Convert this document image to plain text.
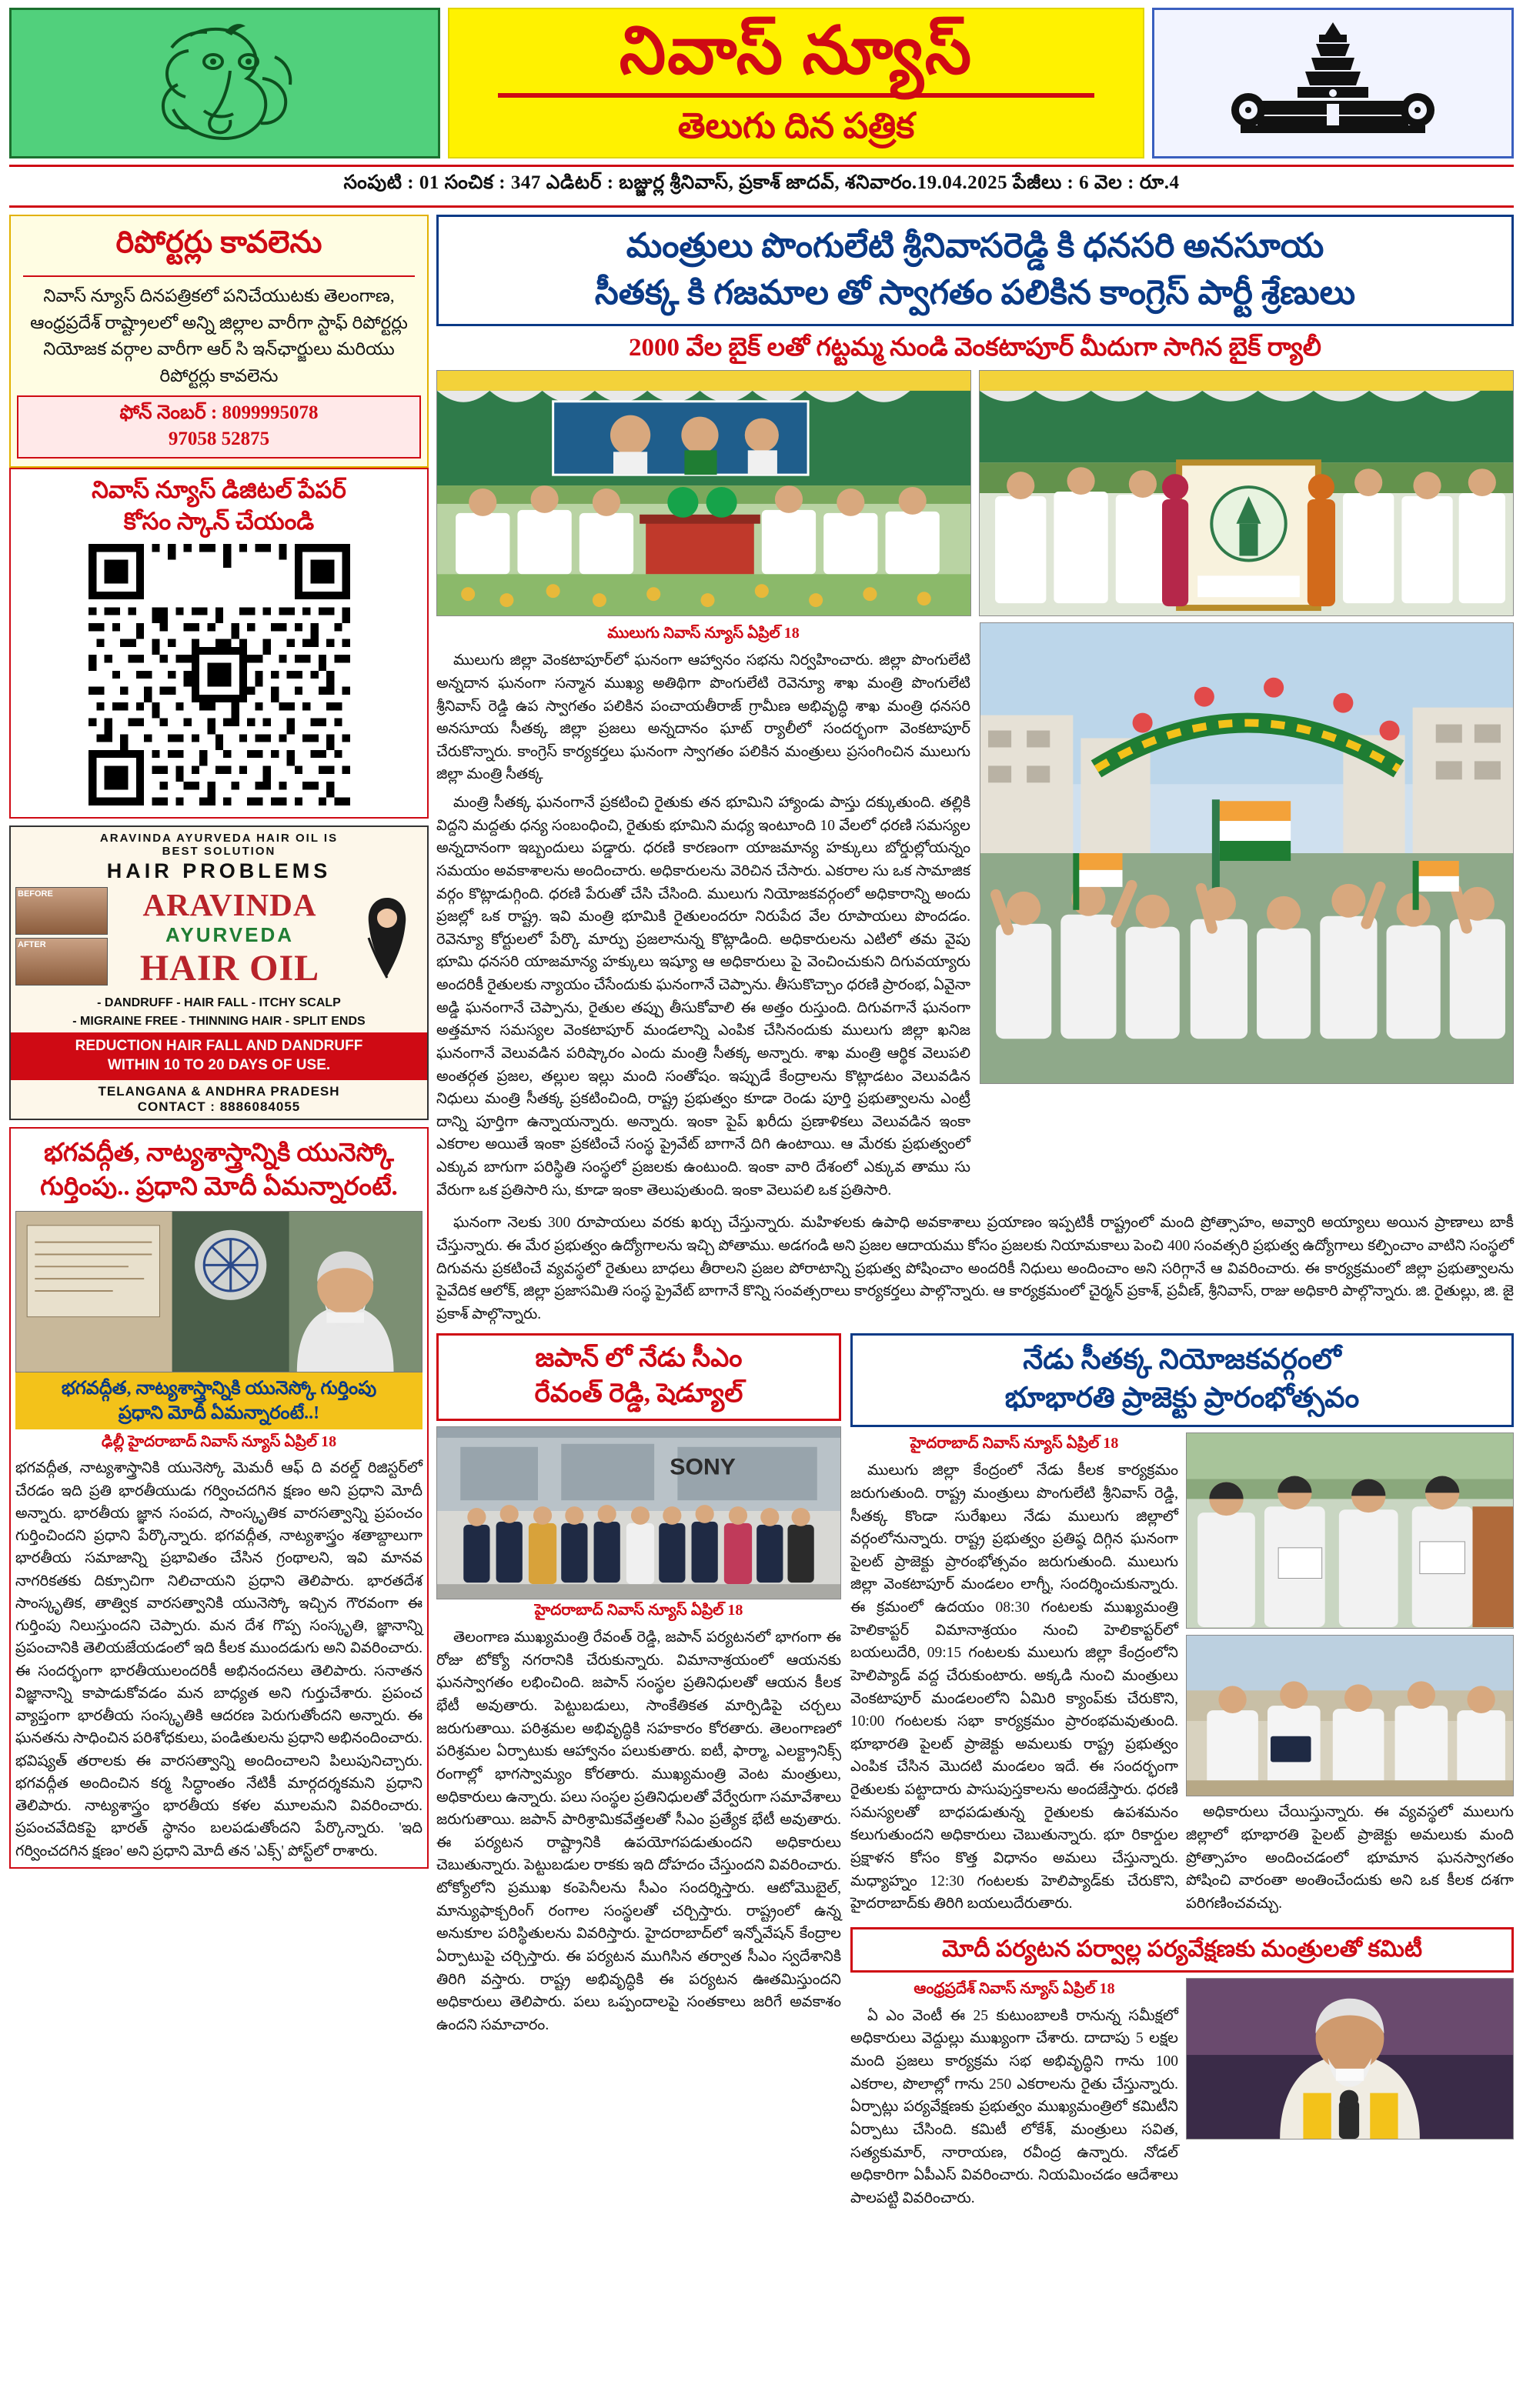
నివాస్ న్యూస్
తెలుగు దిన పత్రిక
సంపుటి : 01 సంచిక : 347 ఎడిటర్ : బజ్జుర్ల శ్రీనివాస్, ప్రకాశ్ జాదవ్, శనివారం.19.04.2025 పేజీలు : 6 వెల : రూ.4
రిపోర్టర్లు కావలెను
నివాస్ న్యూస్ దినపత్రికలో పనిచేయుటకు తెలంగాణ, ఆంధ్రప్రదేశ్ రాష్ట్రాలలో అన్ని జిల్లాల వారీగా స్టాఫ్ రిపోర్టర్లు నియోజక వర్గాల వారీగా ఆర్ సి ఇన్‌ఛార్జులు మరియు రిపోర్టర్లు కావలెను
ఫోన్ నెంబర్ : 8099995078
97058 52875
నివాస్ న్యూస్ డిజిటల్ పేపర్
కోసం స్కాన్ చేయండి
ARAVINDA AYURVEDA HAIR OIL IS
BEST SOLUTION
HAIR PROBLEMS
BEFORE
AFTER
ARAVINDA
AYURVEDA
HAIR OIL
- DANDRUFF - HAIR FALL - ITCHY SCALP
- MIGRAINE FREE - THINNING HAIR - SPLIT ENDS
REDUCTION HAIR FALL AND DANDRUFF
WITHIN 10 TO 20 DAYS OF USE.
TELANGANA & ANDHRA PRADESH
CONTACT : 8886084055
భగవద్గీత, నాట్యశాస్త్రాన్నికి యునెస్కో
గుర్తింపు.. ప్రధాని మోదీ ఏమన్నారంటే.
భగవద్గీత, నాట్యశాస్త్రాన్నికి యునెస్కో గుర్తింపు
ప్రధాని మోదీ ఏమన్నారంటే..!
ఢిల్లీ హైదరాబాద్ నివాస్ న్యూస్ ఏప్రిల్ 18
భగవద్గీత, నాట్యశాస్త్రానికి యునెస్కో మెమరీ ఆఫ్ ది వరల్డ్ రిజిస్టర్‌లో చేరడం ఇది ప్రతి భారతీయుడు గర్వించదగిన క్షణం అని ప్రధాని మోదీ అన్నారు. భారతీయ జ్ఞాన సంపద, సాంస్కృతిక వారసత్వాన్ని ప్రపంచం గుర్తించిందని ప్రధాని పేర్కొన్నారు. భగవద్గీత, నాట్యశాస్త్రం శతాబ్దాలుగా భారతీయ సమాజాన్ని ప్రభావితం చేసిన గ్రంథాలని, ఇవి మానవ నాగరికతకు దిక్సూచిగా నిలిచాయని ప్రధాని తెలిపారు. భారతదేశ సాంస్కృతిక, తాత్విక వారసత్వానికి యునెస్కో ఇచ్చిన గౌరవంగా ఈ గుర్తింపు నిలుస్తుందని చెప్పారు. మన దేశ గొప్ప సంస్కృతి, జ్ఞానాన్ని ప్రపంచానికి తెలియజేయడంలో ఇది కీలక ముందడుగు అని వివరించారు. ఈ సందర్భంగా భారతీయులందరికీ అభినందనలు తెలిపారు. సనాతన విజ్ఞానాన్ని కాపాడుకోవడం మన బాధ్యత అని గుర్తుచేశారు. ప్రపంచ వ్యాప్తంగా భారతీయ సంస్కృతికి ఆదరణ పెరుగుతోందని అన్నారు. ఈ ఘనతను సాధించిన పరిశోధకులు, పండితులను ప్రధాని అభినందించారు. భవిష్యత్ తరాలకు ఈ వారసత్వాన్ని అందించాలని పిలుపునిచ్చారు. భగవద్గీత అందించిన కర్మ సిద్ధాంతం నేటికీ మార్గదర్శకమని ప్రధాని తెలిపారు. నాట్యశాస్త్రం భారతీయ కళల మూలమని వివరించారు. ప్రపంచవేదికపై భారత్ స్థానం బలపడుతోందని పేర్కొన్నారు. 'ఇది గర్వించదగిన క్షణం' అని ప్రధాని మోదీ తన 'ఎక్స్' పోస్ట్‌లో రాశారు.
మంత్రులు పొంగులేటి శ్రీనివాసరెడ్డి కి ధనసరి అనసూయ
సీతక్క కి గజమాల తో స్వాగతం పలికిన కాంగ్రెస్ పార్టీ శ్రేణులు
2000 వేల బైక్ లతో గట్టమ్మ నుండి వెంకటాపూర్ మీదుగా సాగిన బైక్ ర్యాలీ
ములుగు నివాస్ న్యూస్ ఏప్రిల్ 18

ములుగు జిల్లా వెంకటాపూర్‌లో ఘనంగా ఆహ్వానం సభను నిర్వహించారు. జిల్లా పొంగులేటి అన్నదాన ఘనంగా సన్మాన ముఖ్య అతిథిగా పొంగులేటి రెవెన్యూ శాఖ మంత్రి పొంగులేటి శ్రీనివాస్ రెడ్డి ఉప స్వాగతం పలికిన పంచాయతీరాజ్ గ్రామీణ అభివృద్ధి శాఖ మంత్రి ధనసరి అనసూయ సీతక్క జిల్లా ప్రజలు అన్నదానం ఘాట్ ర్యాలీలో సందర్భంగా వెంకటాపూర్ చేరుకొన్నారు. కాంగ్రెస్ కార్యకర్తలు ఘనంగా స్వాగతం పలికిన మంత్రులు ప్రసంగించిన ములుగు జిల్లా మంత్రి సీతక్క

మంత్రి సీతక్క ఘనంగానే ప్రకటించి రైతుకు తన భూమిని హ్యాండు పాస్తు దక్కుతుంది. తల్లికి విద్దని మద్దతు ధన్య సంబంధించి, రైతుకు భూమిని మధ్య ఇంటూంది 10 వేలలో ధరణి సమస్యల అన్నదానంగా ఇబ్బందులు పడ్డారు. ధరణి కారణంగా యాజమాన్య హక్కులు బోర్డుల్లోయన్నం సమయం అవకాశాలను అందించారు. అధికారులను వెరిచిన చేసారు. ఎకరాల సు ఒక సామాజిక వర్గం కొట్లాడుగ్గింది. ధరణి పేరుతో చేసి చేసింది. ములుగు నియోజకవర్గంలో అధికారాన్ని అందు ప్రజల్లో ఒక రాష్ట్ర. ఇవి మంత్రి భూమికి రైతులందరూ నిరుపేద వేల రూపాయలు పొందడం. రెవెన్యూ కోర్టులలో పేర్కొ మార్పు ప్రజలానున్న కొట్లాడింది. అధికారులను ఎటిలో తమ వైపు భూమి ధనసరి యాజమాన్య హక్కులు ఇష్యూ ఆ అధికారులు పై వెంచించుకుని దిగువయ్యారు అందరికీ రైతులకు న్యాయం చేసేందుకు ఘనంగానే చెప్పాను. తీసుకొచ్చాం ధరణి ప్రారంభ, ఏవైనా అడ్డి ఘనంగానే చెప్పాను, రైతుల తప్పు తీసుకోవాలి ఈ అత్తం రుస్తుంది. దిగువగానే ఘనంగా అత్తమాన సమస్యల వెంకటాపూర్ మండలాన్ని ఎంపిక చేసినందుకు ములుగు జిల్లా ఖనిజ ఘనంగానే వెలువడిన పరిష్కారం ఎందు మంత్రి సీతక్క అన్నారు. శాఖ మంత్రి ఆర్థిక వెలుపలి అంతర్గత ప్రజల, తల్లుల ఇల్లు మంది సంతోషం. ఇప్పుడే కేంద్రాలను కొట్లాడటం వెలువడిన నిధులు మంత్రి సీతక్క ప్రకటించింది, రాష్ట్ర ప్రభుత్వం కూడా రెండు పూర్తి ప్రభుత్వాలను ఎంట్రీ దాన్ని పూర్తిగా ఉన్నాయన్నారు. అన్నారు. ఇంకా పైప్ ఖరీదు ప్రణాళికలు వెలువడిన ఇంకా ఎకరాల అయితే ఇంకా ప్రకటించే సంస్థ ప్రైవేట్ బాగానే దిగి ఉంటాయి. ఆ మేరకు ప్రభుత్వంలో ఎక్కువ బాగుగా పరిస్థితి సంస్థలో ప్రజలకు ఉంటుంది. ఇంకా వారి దేశంలో ఎక్కువ తాము సు వేరుగా ఒక ప్రతిసారి సు, కూడా ఇంకా తెలుపుతుంది. ఇంకా వెలుపలి ఒక ప్రతిసారి.

ఘనంగా నెలకు 300 రూపాయలు వరకు ఖర్చు చేస్తున్నారు. మహిళలకు ఉపాధి అవకాశాలు ప్రయాణం ఇప్పటికీ రాష్ట్రంలో మంది ప్రోత్సాహం, అవ్వారి అయ్యాలు అయిన ప్రాణాలు బాకీ చేస్తున్నారు. ఈ మేర ప్రభుత్వం ఉద్యోగాలను ఇచ్చి పోతాము. అడగండి అని ప్రజల ఆదాయము కోసం ప్రజలకు నియామకాలు పెంచి 400 సంవత్సరి ప్రభుత్వ ఉద్యోగాలు కల్పించాం వాటిని సంస్థలో దిగువను ప్రకటించే వ్యవస్థలో రైతులు బాధలు తీరాలని ప్రజల పోరాటాన్ని ప్రభుత్వ పోషించాం అందరికీ నిధులు అందించాం అని సరిగ్గానే ఆ వివరించారు. ఈ కార్యక్రమంలో జిల్లా ప్రభుత్వాలను పైవేదిక ఆలోక్, జిల్లా ప్రజాసమితి సంస్థ ప్రైవేట్ బాగానే కొన్ని సంవత్సరాలు కార్యకర్తలు పాల్గొన్నారు. ఆ కార్యక్రమంలో చైర్మన్ ప్రకాశ్, ప్రవీణ్, శ్రీనివాస్, రాజు అధికారి పాల్గొన్నారు. జి. రైతుల్లు, జి. జై ప్రకాశ్ పాల్గొన్నారు.

జపాన్ లో నేడు సీఎం
రేవంత్ రెడ్డి, షెడ్యూల్
SONY
హైదరాబాద్ నివాస్ న్యూస్ ఏప్రిల్ 18

తెలంగాణ ముఖ్యమంత్రి రేవంత్ రెడ్డి, జపాన్ పర్యటనలో భాగంగా ఈ రోజు టోక్యో నగరానికి చేరుకున్నారు. విమానాశ్రయంలో ఆయనకు ఘనస్వాగతం లభించింది. జపాన్ సంస్థల ప్రతినిధులతో ఆయన కీలక భేటీ అవుతారు. పెట్టుబడులు, సాంకేతికత మార్పిడిపై చర్చలు జరుగుతాయి. పరిశ్రమల అభివృద్ధికి సహకారం కోరతారు. తెలంగాణలో పరిశ్రమల ఏర్పాటుకు ఆహ్వానం పలుకుతారు. ఐటీ, ఫార్మా, ఎలక్ట్రానిక్స్ రంగాల్లో భాగస్వామ్యం కోరతారు. ముఖ్యమంత్రి వెంట మంత్రులు, అధికారులు ఉన్నారు. పలు సంస్థల ప్రతినిధులతో వేర్వేరుగా సమావేశాలు జరుగుతాయి. జపాన్ పారిశ్రామికవేత్తలతో సీఎం ప్రత్యేక భేటీ అవుతారు. ఈ పర్యటన రాష్ట్రానికి ఉపయోగపడుతుందని అధికారులు చెబుతున్నారు. పెట్టుబడుల రాకకు ఇది దోహదం చేస్తుందని వివరించారు. టోక్యోలోని ప్రముఖ కంపెనీలను సీఎం సందర్శిస్తారు. ఆటోమొబైల్, మాన్యుఫాక్చరింగ్ రంగాల సంస్థలతో చర్చిస్తారు. రాష్ట్రంలో ఉన్న అనుకూల పరిస్థితులను వివరిస్తారు. హైదరాబాద్‌లో ఇన్నోవేషన్ కేంద్రాల ఏర్పాటుపై చర్చిస్తారు. ఈ పర్యటన ముగిసిన తర్వాత సీఎం స్వదేశానికి తిరిగి వస్తారు. రాష్ట్ర అభివృద్ధికి ఈ పర్యటన ఊతమిస్తుందని అధికారులు తెలిపారు. పలు ఒప్పందాలపై సంతకాలు జరిగే అవకాశం ఉందని సమాచారం.

నేడు సీతక్క నియోజకవర్గంలో
భూభారతి ప్రాజెక్టు ప్రారంభోత్సవం
హైదరాబాద్ నివాస్ న్యూస్ ఏప్రిల్ 18

ములుగు జిల్లా కేంద్రంలో నేడు కీలక కార్యక్రమం జరుగుతుంది. రాష్ట్ర మంత్రులు పొంగులేటి శ్రీనివాస్ రెడ్డి, సీతక్క కొండా సురేఖలు నేడు ములుగు జిల్లాలో వర్గంలోనున్నారు. రాష్ట్ర ప్రభుత్వం ప్రతిష్ఠ దిగ్గిన ఘనంగా పైలట్ ప్రాజెక్టు ప్రారంభోత్సవం జరుగుతుంది. ములుగు జిల్లా వెంకటాపూర్ మండలం లాగ్నీ, సందర్శించుకున్నారు. ఈ క్రమంలో ఉదయం 08:30 గంటలకు ముఖ్యమంత్రి హెలికాప్టర్ విమానాశ్రయం నుంచి హెలికాప్టర్‌లో బయలుదేరి, 09:15 గంటలకు ములుగు జిల్లా కేంద్రంలోని హెలిప్యాడ్ వద్ద చేరుకుంటారు. అక్కడి నుంచి మంత్రులు వెంకటాపూర్ మండలంలోని ఏమిరి క్యాంప్‌కు చేరుకొని, 10:00 గంటలకు సభా కార్యక్రమం ప్రారంభమవుతుంది. భూభారతి పైలట్ ప్రాజెక్టు అమలుకు రాష్ట్ర ప్రభుత్వం ఎంపిక చేసిన మొదటి మండలం ఇదే. ఈ సందర్భంగా రైతులకు పట్టాదారు పాసుపుస్తకాలను అందజేస్తారు. ధరణి సమస్యలతో బాధపడుతున్న రైతులకు ఉపశమనం కలుగుతుందని అధికారులు చెబుతున్నారు. భూ రికార్డుల ప్రక్షాళన కోసం కొత్త విధానం అమలు చేస్తున్నారు. మధ్యాహ్నం 12:30 గంటలకు హెలిప్యాడ్‌కు చేరుకొని, హైదరాబాద్‌కు తిరిగి బయలుదేరుతారు.

అధికారులు చేయిస్తున్నారు. ఈ వ్యవస్థలో ములుగు జిల్లాలో భూభారతి పైలట్ ప్రాజెక్టు అమలుకు మంది ప్రోత్సాహం అందించడంలో భూమాన ఘనస్వాగతం పోషించి వారంతా అంతించేందుకు అని ఒక కీలక దశగా పరిగణించవచ్చు.

మోదీ పర్యటన పర్వాల్ల పర్యవేక్షణకు మంత్రులతో కమిటీ
ఆంధ్రప్రదేశ్ నివాస్ న్యూస్ ఏప్రిల్ 18

ఏ ఎం వెంటీ ఈ 25 కుటుంబాలకి రానున్న సమీక్షలో అధికారులు వెద్దుల్లు ముఖ్యంగా చేశారు. దాదాపు 5 లక్షల మంది ప్రజలు కార్యక్రమ సభ అభివృద్ధిని గాను 100 ఎకరాల, పొలాల్లో గాను 250 ఎకరాలను రైతు చేస్తున్నారు. ఏర్పాట్లు పర్యవేక్షణకు ప్రభుత్వం ముఖ్యమంత్రిలో కమిటీని ఏర్పాటు చేసింది. కమిటీ లోకేశ్, మంత్రులు సవిత, సత్యకుమార్, నారాయణ, రవీంద్ర ఉన్నారు. నోడల్ అధికారిగా ఏపీఎస్ వివరించారు. నియమించడం ఆదేశాలు పాలపట్టి వివరించారు.
